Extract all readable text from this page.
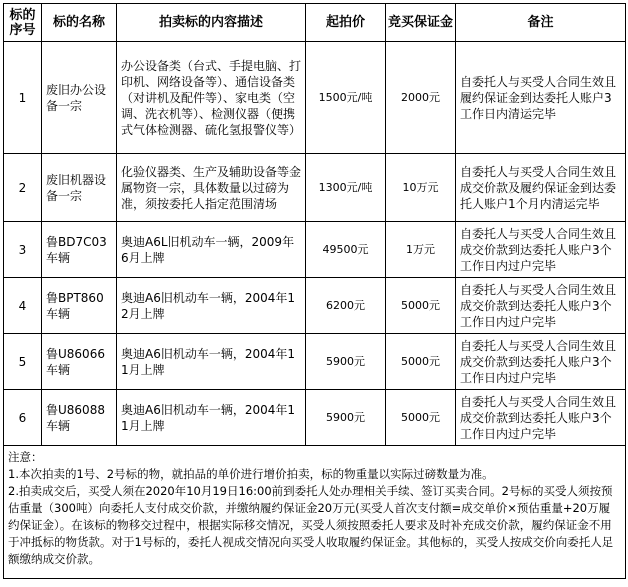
标的序号	标的名称	拍卖标的内容描述	起拍价	竞买保证金	备注
1	废旧办公设备一宗	办公设备类（台式、手提电脑、打印机、网络设备等）、通信设备类（对讲机及配件等）、家电类（空调、洗衣机等）、检测仪器（便携式气体检测器、硫化氢报警仪等）	1500元/吨	2000元	自委托人与买受人合同生效且履约保证金到达委托人账户3工作日内清运完毕
2	废旧机器设备一宗	化验仪器类、生产及辅助设备等金属物资一宗，具体数量以过磅为准，须按委托人指定范围清场	1300元/吨	10万元	自委托人与买受人合同生效且成交价款及履约保证金到达委托人账户1个月内清运完毕
3	鲁BD7C03车辆	奥迪A6L旧机动车一辆，2009年6月上牌	49500元	1万元	自委托人与买受人合同生效且成交价款到达委托人账户3个工作日内过户完毕
4	鲁BPT860车辆	奥迪A6旧机动车一辆，2004年12月上牌	6200元	5000元	自委托人与买受人合同生效且成交价款到达委托人账户3个工作日内过户完毕
5	鲁U86066车辆	奥迪A6旧机动车一辆，2004年11月上牌	5900元	5000元	自委托人与买受人合同生效且成交价款到达委托人账户3个工作日内过户完毕
6	鲁U86088车辆	奥迪A6旧机动车一辆，2004年11月上牌	5900元	5000元	自委托人与买受人合同生效且成交价款到达委托人账户3个工作日内过户完毕

注意：
1.本次拍卖的1号、2号标的物，就拍品的单价进行增价拍卖，标的物重量以实际过磅数量为准。
2.拍卖成交后，买受人须在2020年10月19日16:00前到委托人处办理相关手续、签订买卖合同。2号标的买受人须按预估重量（300吨）向委托人支付成交价款，并缴纳履约保证金20万元(买受人首次支付额=成交单价×预估重量+20万履约保证金）。在该标的物移交过程中，根据实际移交情况，买受人须按照委托人要求及时补充成交价款，履约保证金不用于冲抵标的物货款。对于1号标的，委托人视成交情况向买受人收取履约保证金。其他标的，买受人按成交价向委托人足额缴纳成交价款。					
